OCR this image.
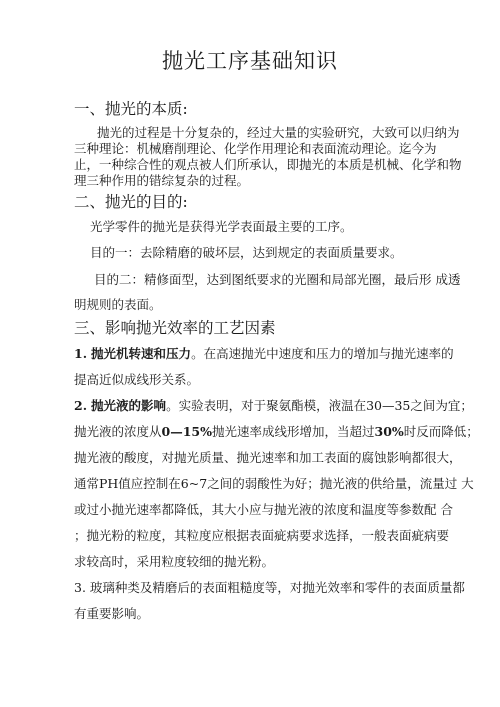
抛光工序基础知识
一、抛光的本质:
抛光的过程是十分复杂的，经过大量的实验研究，大致可以归纳为
三种理论：机械磨削理论、化学作用理论和表面流动理论。迄今为
止，一种综合性的观点被人们所承认，即抛光的本质是机械、化学和物
理三种作用的错综复杂的过程。
二、抛光的目的:
光学零件的抛光是获得光学表面最主要的工序。
目的一：去除精磨的破坏层，达到规定的表面质量要求。
目的二：精修面型，达到图纸要求的光圈和局部光圈，最后形 成透
明规则的表面。
三、影响抛光效率的工艺因素
1. 抛光机转速和压力。在高速抛光中速度和压力的增加与抛光速率的
提高近似成线形关系。
2. 抛光液的影响。实验表明，对于聚氨酯模，液温在30—35之间为宜；
抛光液的浓度从0—15%抛光速率成线形增加，当超过30%时反而降低；
抛光液的酸度，对抛光质量、抛光速率和加工表面的腐蚀影响都很大，
通常PH值应控制在6~7之间的弱酸性为好；抛光液的供给量，流量过 大
或过小抛光速率都降低，其大小应与抛光液的浓度和温度等参数配 合
；抛光粉的粒度，其粒度应根据表面疵病要求选择，一般表面疵病要
求较高时，采用粒度较细的抛光粉。
3. 玻璃种类及精磨后的表面粗糙度等，对抛光效率和零件的表面质量都
有重要影响。
